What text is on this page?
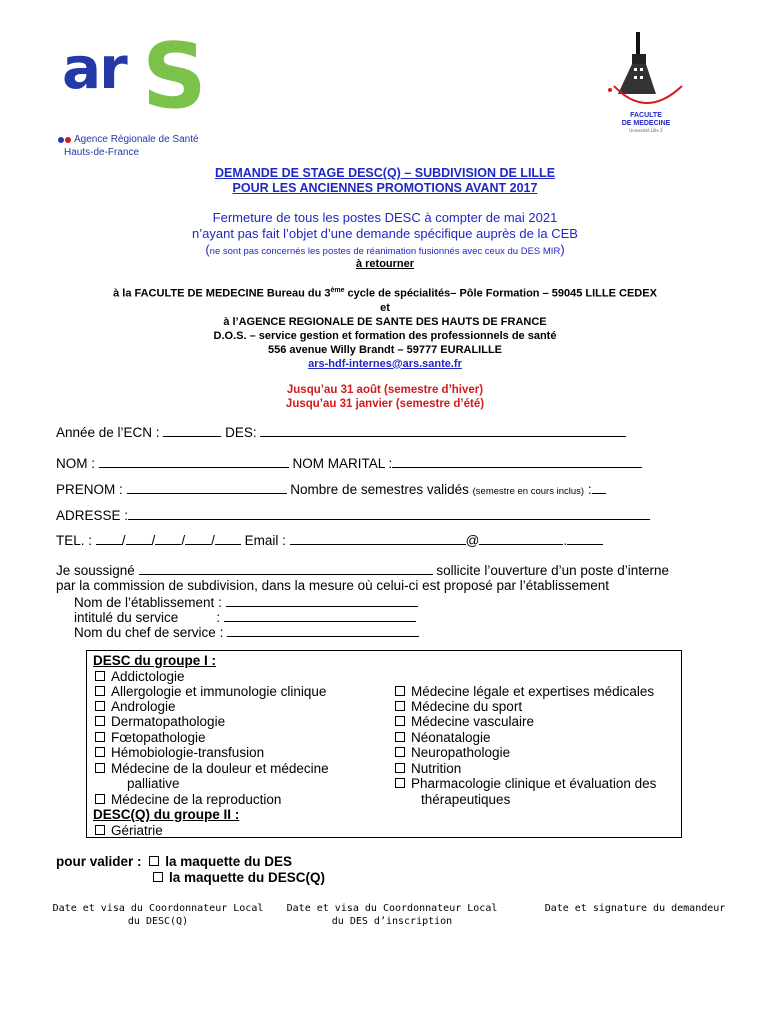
ar S
Agence Régionale de Santé
Hauts-de-France
FACULTE
DE MEDECINE
Université Lille 2
DEMANDE DE STAGE DESC(Q) – SUBDIVISION DE LILLE
POUR LES ANCIENNES PROMOTIONS AVANT 2017
Fermeture de tous les postes DESC à compter de mai 2021
n’ayant pas fait l’objet d’une demande spécifique auprès de la CEB
(ne sont pas concernés les postes de réanimation fusionnés avec ceux du DES MIR)
à retourner
à la FACULTE DE MEDECINE Bureau du 3ème cycle de spécialités– Pôle Formation – 59045 LILLE CEDEX
et
à l’AGENCE REGIONALE DE SANTE DES HAUTS DE FRANCE
D.O.S. – service gestion et formation des professionnels de santé
556 avenue Willy Brandt – 59777 EURALILLE
ars-hdf-internes@ars.sante.fr
Jusqu’au 31 août (semestre d’hiver)
Jusqu’au 31 janvier (semestre d’été)
Année de l’ECN :	DES:
NOM :	NOM MARITAL :
PRENOM :	Nombre de semestres validés (semestre en cours inclus) :
ADRESSE :
TEL. : / / / / Email :	@	.
Je soussigné	sollicite l’ouverture d’un poste d’interne
par la commission de subdivision, dans la mesure où celui-ci est proposé par l’établissement
Nom de l’établissement :
intitulé du service	:
Nom du chef de service :
DESC du groupe I :
Addictologie
Allergologie et immunologie clinique
Andrologie
Dermatopathologie
Fœtopathologie
Hémobiologie-transfusion
Médecine de la douleur et médecine
palliative
Médecine de la reproduction
Médecine légale et expertises médicales
Médecine du sport
Médecine vasculaire
Néonatalogie
Neuropathologie
Nutrition
Pharmacologie clinique et évaluation des
thérapeutiques
DESC(Q) du groupe II :
Gériatrie
pour valider : la maquette du DES
la maquette du DESC(Q)
Date et visa du Coordonnateur Local
du DESC(Q)
Date et visa du Coordonnateur Local
du DES d’inscription
Date et signature du demandeur
